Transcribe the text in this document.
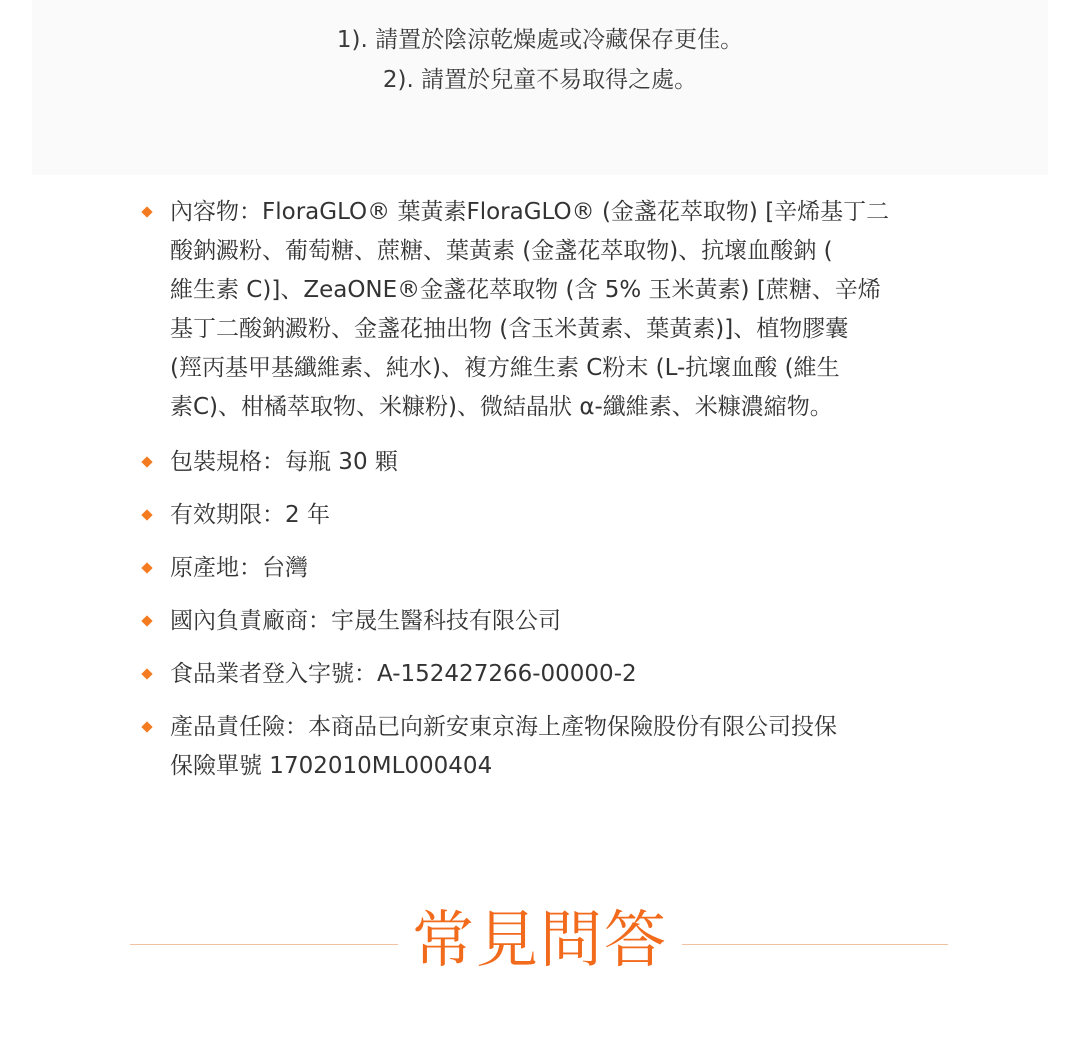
1). 請置於陰涼乾燥處或冷藏保存更佳。
2). 請置於兒童不易取得之處。
內容物：FloraGLO® 葉黃素FloraGLO® (金盞花萃取物) [辛烯基丁二
酸鈉澱粉、葡萄糖、蔗糖、葉黃素 (金盞花萃取物)、抗壞血酸鈉 (
維生素 C)]、ZeaONE®金盞花萃取物 (含 5% 玉米黃素) [蔗糖、辛烯
基丁二酸鈉澱粉、金盞花抽出物 (含玉米黃素、葉黃素)]、植物膠囊
(羥丙基甲基纖維素、純水)、複方維生素 C粉末 (L-抗壞血酸 (維生
素C)、柑橘萃取物、米糠粉)、微結晶狀 α-纖維素、米糠濃縮物。
包裝規格：每瓶 30 顆
有效期限：2 年
原產地：台灣
國內負責廠商：宇晟生醫科技有限公司
食品業者登入字號：A-152427266-00000-2
產品責任險：本商品已向新安東京海上產物保險股份有限公司投保
保險單號 1702010ML000404
常見問答
